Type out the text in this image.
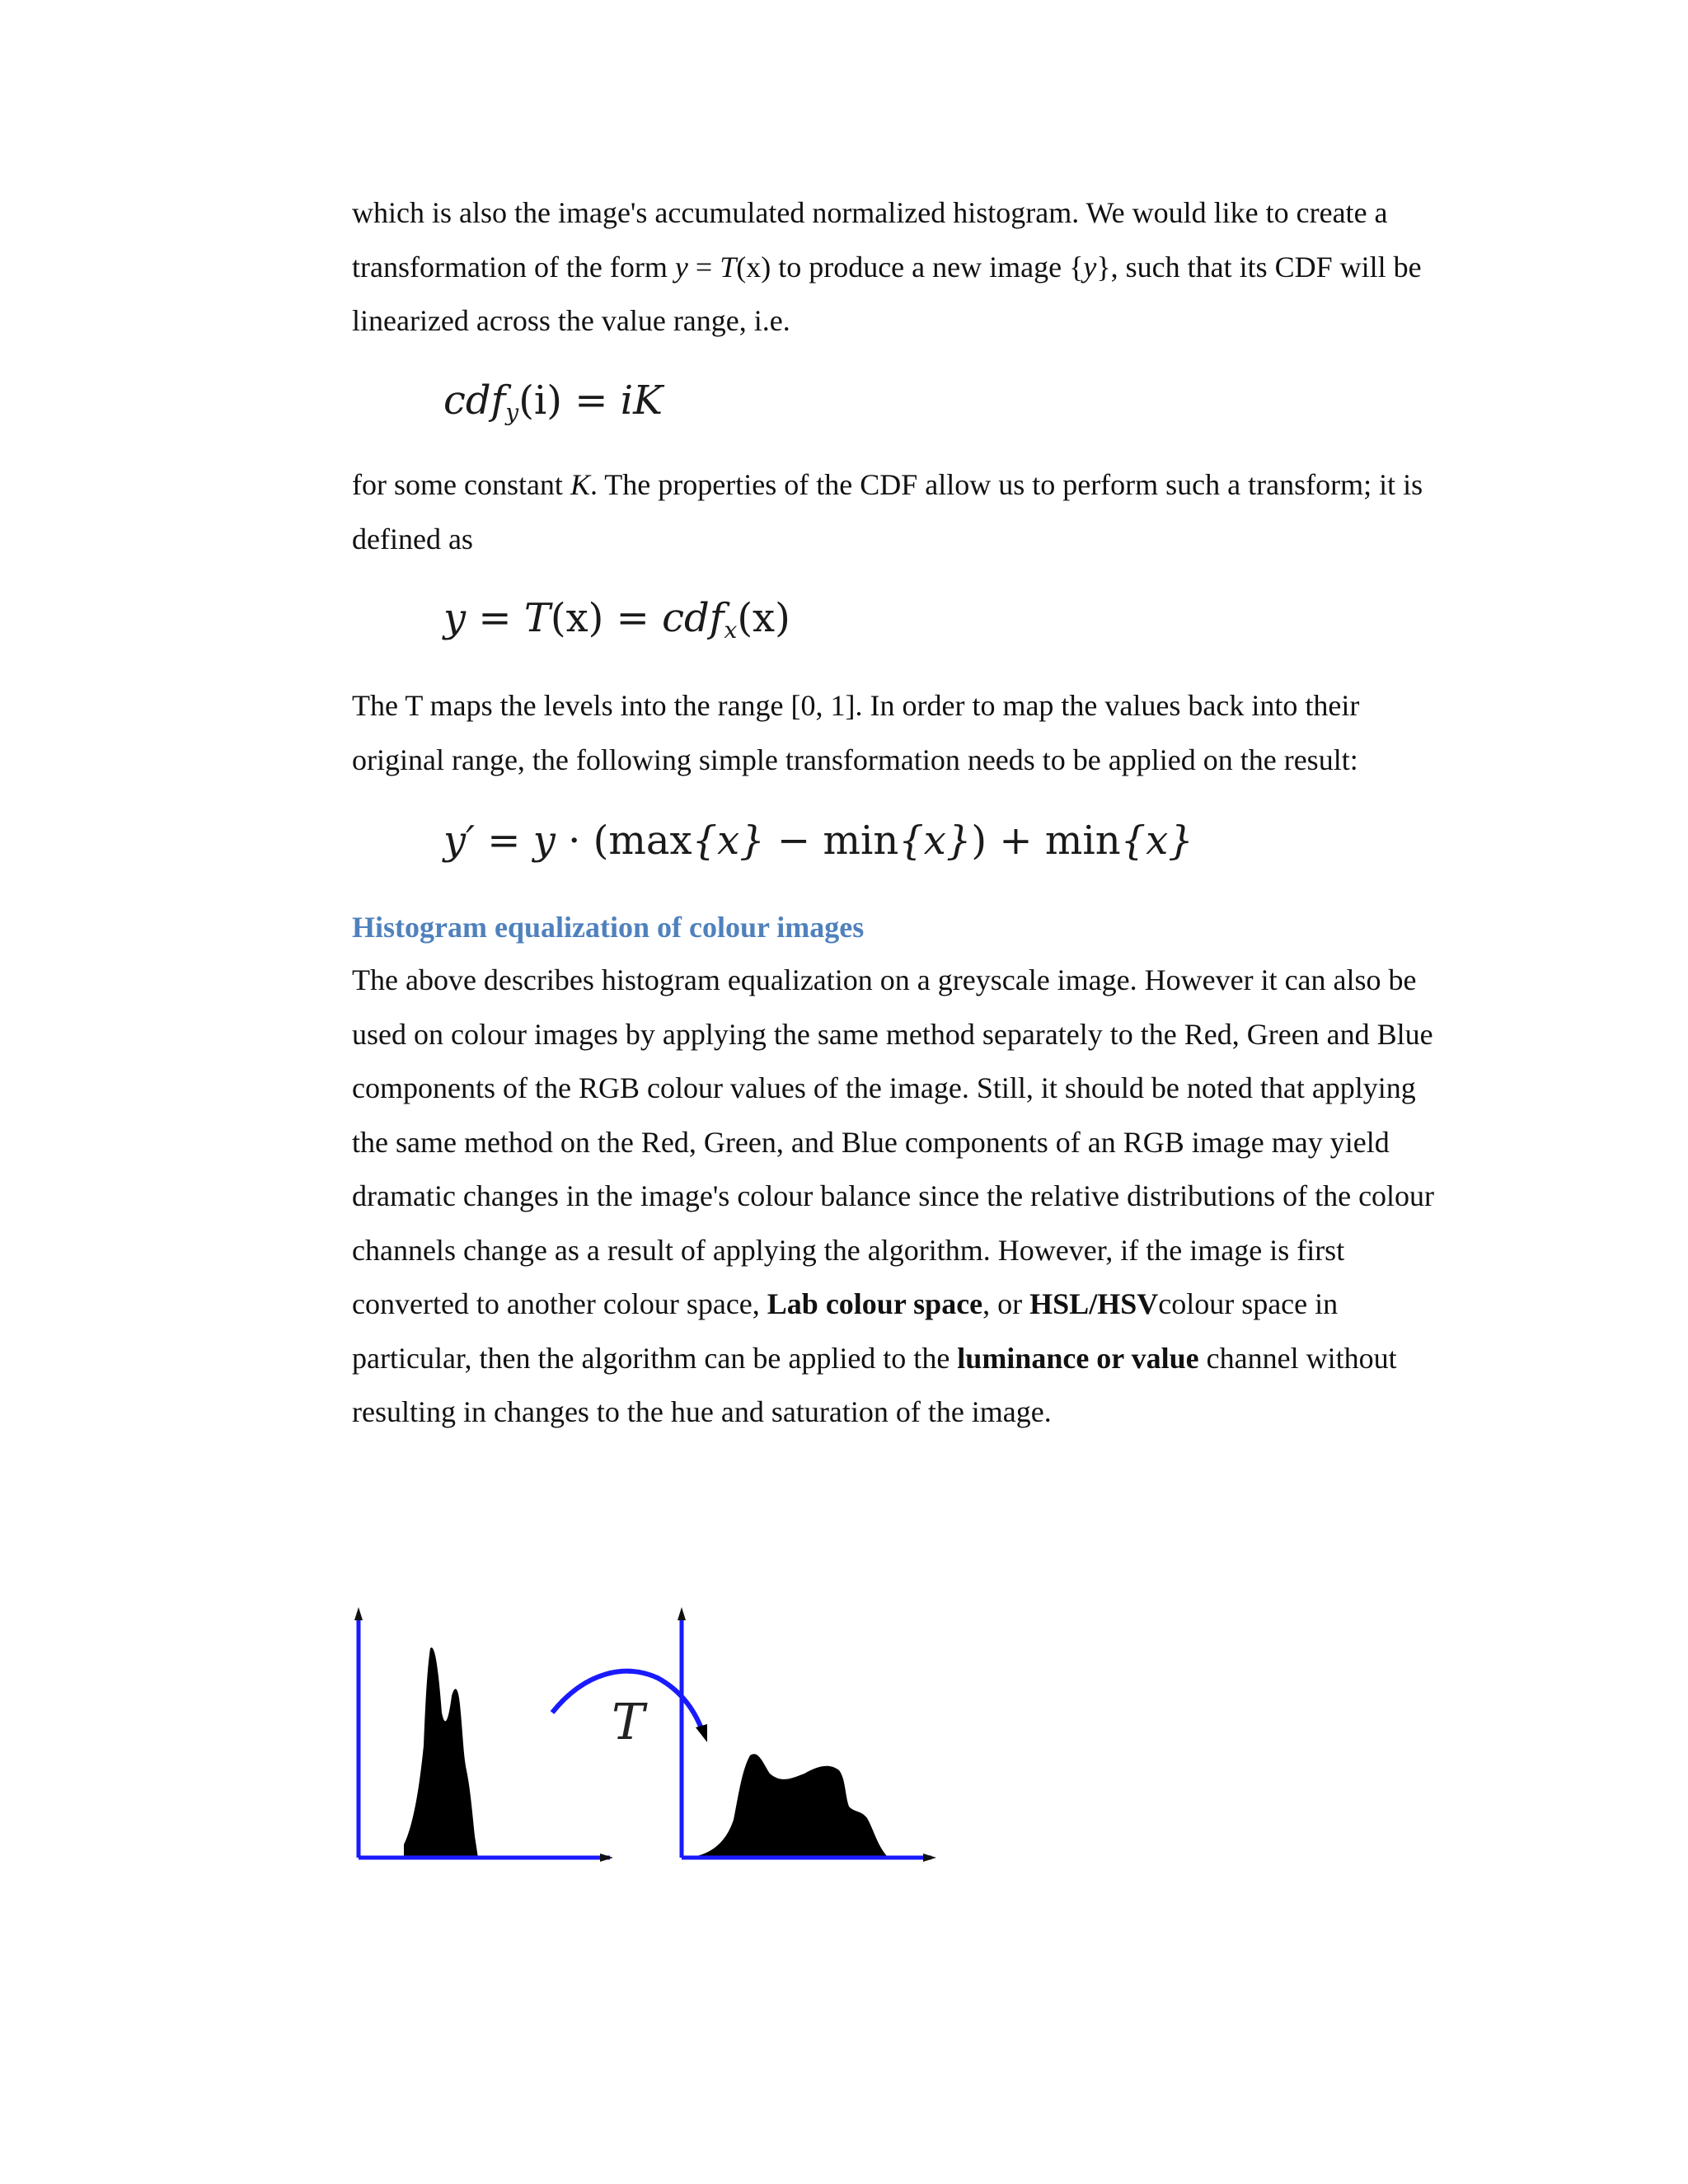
which is also the image's accumulated normalized histogram. We would like to create a transformation of the form y = T(x) to produce a new image {y}, such that its CDF will be linearized across the value range, i.e.

cdf$_y$(i) = iK

for some constant K. The properties of the CDF allow us to perform such a transform; it is defined as

y = T(x) = cdf$_x$(x)

The T maps the levels into the range [0, 1]. In order to map the values back into their original range, the following simple transformation needs to be applied on the result:

y′ = y · (max{x} − min{x}) + min{x}
Histogram equalization of colour images

The above describes histogram equalization on a greyscale image. However it can also be used on colour images by applying the same method separately to the Red, Green and Blue components of the RGB colour values of the image. Still, it should be noted that applying the same method on the Red, Green, and Blue components of an RGB image may yield dramatic changes in the image's colour balance since the relative distributions of the colour channels change as a result of applying the algorithm. However, if the image is first converted to another colour space, Lab colour space, or HSL/HSVcolour space in particular, then the algorithm can be applied to the luminance or value channel without resulting in changes to the hue and saturation of the image.

T
